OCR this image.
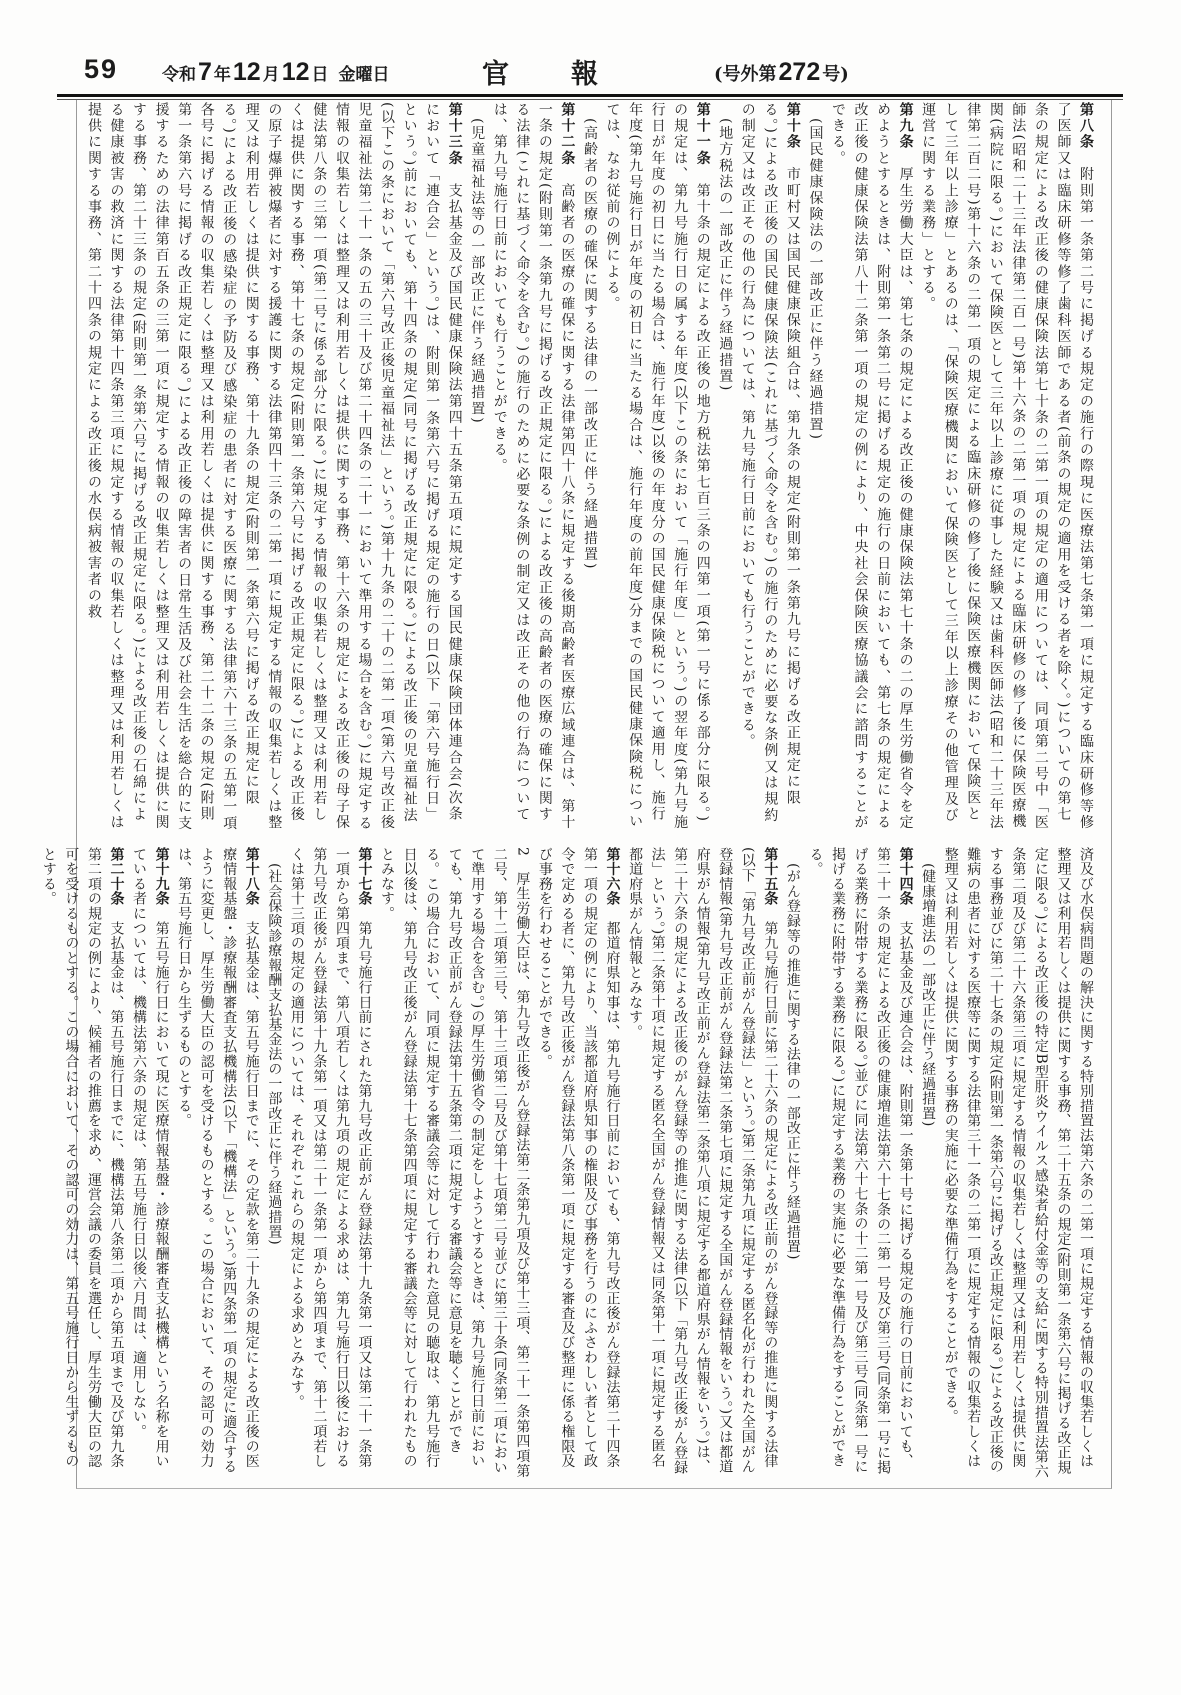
59	令和7 年12 月12 日 金曜日	官報	(号外第272 号)
第八条　附則第一条第二号に掲げる規定の施行の際現に医療法第七条第一項に規定する臨床研修等修了医師又は臨床研修等修了歯科医師である者(前条の規定の適用を受ける者を除く。)についての第七条の規定による改正後の健康保険法第七十条の二第一項の規定の適用については、同項第二号中「医師法(昭和二十三年法律第二百一号)第十六条の二第一項の規定による臨床研修の修了後に保険医療機関(病院に限る。)において保険医として三年以上診療に従事した経験又は歯科医師法(昭和二十三年法律第二百二号)第十六条の二第一項の規定による臨床研修の修了後に保険医療機関において保険医として三年以上診療」とあるのは、「保険医療機関において保険医として三年以上診療その他管理及び運営に関する業務」とする。
第九条　厚生労働大臣は、第七条の規定による改正後の健康保険法第七十条の二の厚生労働省令を定めようとするときは、附則第一条第二号に掲げる規定の施行の日前においても、第七条の規定による改正後の健康保険法第八十二条第一項の規定の例により、中央社会保険医療協議会に諮問することができる。
(国民健康保険法の一部改正に伴う経過措置)
第十条　市町村又は国民健康保険組合は、第九条の規定(附則第一条第九号に掲げる改正規定に限る。)による改正後の国民健康保険法(これに基づく命令を含む。)の施行のために必要な条例又は規約の制定又は改正その他の行為については、第九号施行日前においても行うことができる。
(地方税法の一部改正に伴う経過措置)
第十一条　第十条の規定による改正後の地方税法第七百三条の四第一項(第一号に係る部分に限る。)の規定は、第九号施行日の属する年度(以下この条において「施行年度」という。)の翌年度(第九号施行日が年度の初日に当たる場合は、施行年度)以後の年度分の国民健康保険税について適用し、施行年度(第九号施行日が年度の初日に当たる場合は、施行年度の前年度)分までの国民健康保険税については、なお従前の例による。
(高齢者の医療の確保に関する法律の一部改正に伴う経過措置)
第十二条　高齢者の医療の確保に関する法律第四十八条に規定する後期高齢者医療広域連合は、第十一条の規定(附則第一条第九号に掲げる改正規定に限る。)による改正後の高齢者の医療の確保に関する法律(これに基づく命令を含む。)の施行のために必要な条例の制定又は改正その他の行為については、第九号施行日前においても行うことができる。
(児童福祉法等の一部改正に伴う経過措置)
第十三条　支払基金及び国民健康保険法第四十五条第五項に規定する国民健康保険団体連合会(次条において「連合会」という。)は、附則第一条第六号に掲げる規定の施行の日(以下「第六号施行日」という。)前においても、第十四条の規定(同号に掲げる改正規定に限る。)による改正後の児童福祉法(以下この条において「第六号改正後児童福祉法」という。)第十九条の二十の二第一項(第六号改正後児童福祉法第二十一条の五の三十及び第二十四条の二十一において準用する場合を含む。)に規定する情報の収集若しくは整理又は利用若しくは提供に関する事務、第十六条の規定による改正後の母子保健法第八条の三第一項(第二号に係る部分に限る。)に規定する情報の収集若しくは整理又は利用若しくは提供に関する事務、第十七条の規定(附則第一条第六号に掲げる改正規定に限る。)による改正後の原子爆弾被爆者に対する援護に関する法律第四十三条の二第一項に規定する情報の収集若しくは整理又は利用若しくは提供に関する事務、第十九条の規定(附則第一条第六号に掲げる改正規定に限る。)による改正後の感染症の予防及び感染症の患者に対する医療に関する法律第六十三条の五第一項各号に掲げる情報の収集若しくは整理又は利用若しくは提供に関する事務、第二十二条の規定(附則第一条第六号に掲げる改正規定に限る。)による改正後の障害者の日常生活及び社会生活を総合的に支援するための法律第百五条の三第一項に規定する情報の収集若しくは整理又は利用若しくは提供に関する事務、第二十三条の規定(附則第一条第六号に掲げる改正規定に限る。)による改正後の石綿による健康被害の救済に関する法律第十四条第三項に規定する情報の収集若しくは整理又は利用若しくは提供に関する事務、第二十四条の規定による改正後の水俣病被害者の救
済及び水俣病問題の解決に関する特別措置法第六条の二第一項に規定する情報の収集若しくは整理又は利用若しくは提供に関する事務、第二十五条の規定(附則第一条第六号に掲げる改正規定に限る。)による改正後の特定B型肝炎ウイルス感染者給付金等の支給に関する特別措置法第六条第二項及び第二十六条第三項に規定する情報の収集若しくは整理又は利用若しくは提供に関する事務並びに第二十七条の規定(附則第一条第六号に掲げる改正規定に限る。)による改正後の難病の患者に対する医療等に関する法律第三十一条の二第一項に規定する情報の収集若しくは整理又は利用若しくは提供に関する事務の実施に必要な準備行為をすることができる。
(健康増進法の一部改正に伴う経過措置)
第十四条　支払基金及び連合会は、附則第一条第十号に掲げる規定の施行の日前においても、第二十一条の規定による改正後の健康増進法第六十七条の二第一号及び第三号(同条第一号に掲げる業務に附帯する業務に限る。)並びに同法第六十七条の十二第一号及び第三号(同条第一号に掲げる業務に附帯する業務に限る。)に規定する業務の実施に必要な準備行為をすることができる。
(がん登録等の推進に関する法律の一部改正に伴う経過措置)
第十五条　第九号施行日前に第二十六条の規定による改正前のがん登録等の推進に関する法律(以下「第九号改正前がん登録法」という。)第二条第九項に規定する匿名化が行われた全国がん登録情報(第九号改正前がん登録法第二条第七項に規定する全国がん登録情報をいう。)又は都道府県がん情報(第九号改正前がん登録法第二条第八項に規定する都道府県がん情報をいう。)は、第二十六条の規定による改正後のがん登録等の推進に関する法律(以下「第九号改正後がん登録法」という。)第二条第十項に規定する匿名全国がん登録情報又は同条第十一項に規定する匿名都道府県がん情報とみなす。
第十六条　都道府県知事は、第九号施行日前においても、第九号改正後がん登録法第二十四条第一項の規定の例により、当該都道府県知事の権限及び事務を行うのにふさわしい者として政令で定める者に、第九号改正後がん登録法第八条第一項に規定する審査及び整理に係る権限及び事務を行わせることができる。
2　厚生労働大臣は、第九号改正後がん登録法第二条第九項及び第十三項、第二十一条第四項第二号、第十二項第三号、第十三項第二号及び第十七項第二号並びに第三十条(同条第二項において準用する場合を含む。)の厚生労働省令の制定をしようとするときは、第九号施行日前においても、第九号改正前がん登録法第十五条第二項に規定する審議会等に意見を聴くことができる。この場合において、同項に規定する審議会等に対して行われた意見の聴取は、第九号施行日以後は、第九号改正後がん登録法第十七条第四項に規定する審議会等に対して行われたものとみなす。
第十七条　第九号施行日前にされた第九号改正前がん登録法第十九条第一項又は第二十一条第一項から第四項まで、第八項若しくは第九項の規定による求めは、第九号施行日以後における第九号改正後がん登録法第十九条第一項又は第二十一条第一項から第四項まで、第十二項若しくは第十三項の規定の適用については、それぞれこれらの規定による求めとみなす。
(社会保険診療報酬支払基金法の一部改正に伴う経過措置)
第十八条　支払基金は、第五号施行日までに、その定款を第二十九条の規定による改正後の医療情報基盤・診療報酬審査支払機構法(以下「機構法」という。)第四条第一項の規定に適合するように変更し、厚生労働大臣の認可を受けるものとする。この場合において、その認可の効力は、第五号施行日から生ずるものとする。
第十九条　第五号施行日において現に医療情報基盤・診療報酬審査支払機構という名称を用いている者については、機構法第六条の規定は、第五号施行日以後六月間は、適用しない。
第二十条　支払基金は、第五号施行日までに、機構法第八条第二項から第五項まで及び第九条第二項の規定の例により、候補者の推薦を求め、運営会議の委員を選任し、厚生労働大臣の認可を受けるものとする。この場合において、その認可の効力は、第五号施行日から生ずるものとする。
